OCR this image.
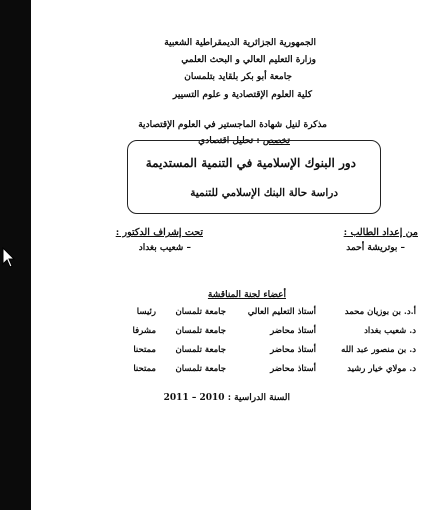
الجمهورية الجزائرية الديمقراطية الشعبية
وزارة التعليم العالي و البحث العلمي
جامعة أبو بكر بلقايد بتلمسان
كلية العلوم الإقتصادية و علوم التسيير
مذكرة لنيل شهادة الماجستير في العلوم الإقتصادية
تخصص : تحليل اقتصادي
دور البنوك الإسلامية في التنمية المستديمة
دراسة حالة البنك الإسلامي للتنمية
من إعداد الطالب :
– بوتريشة أحمد
تحت إشراف الدكتور :
– شعيب بغداد
أعضاء لجنة المناقشة
أ.د. بن بوزيان محمد	أستاذ التعليم العالي	جامعة تلمسان	رئيسا
د. شعيب بغداد	أستاذ محاضر	جامعة تلمسان	مشرفا
د. بن منصور عبد الله	أستاذ محاضر	جامعة تلمسان	ممتحنا
د. مولاي خيار رشيد	أستاذ محاضر	جامعة تلمسان	ممتحنا
السنة الدراسية : 2010 – 2011
